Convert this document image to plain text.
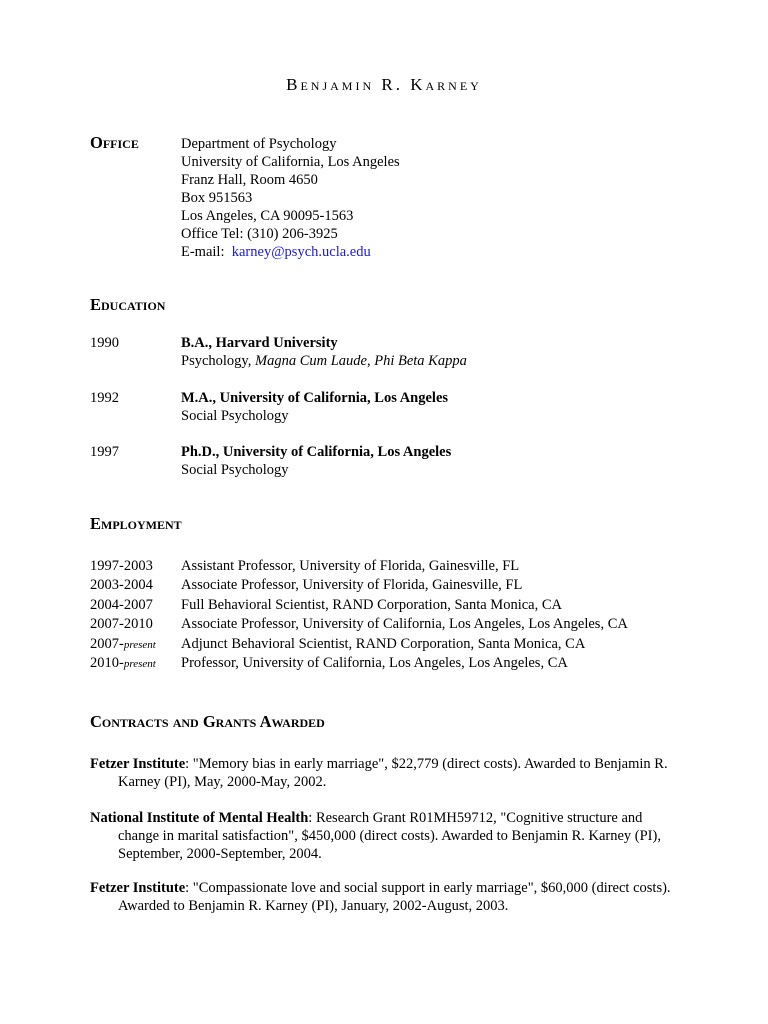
Benjamin R. Karney
Office	Department of Psychology
University of California, Los Angeles
Franz Hall, Room 4650
Box 951563
Los Angeles, CA 90095-1563
Office Tel: (310) 206-3925
E-mail: karney@psych.ucla.edu
Education
1990	B.A., Harvard University
Psychology, Magna Cum Laude, Phi Beta Kappa
1992	M.A., University of California, Los Angeles
Social Psychology
1997	Ph.D., University of California, Los Angeles
Social Psychology
Employment
1997-2003 Assistant Professor, University of Florida, Gainesville, FL
2003-2004 Associate Professor, University of Florida, Gainesville, FL
2004-2007 Full Behavioral Scientist, RAND Corporation, Santa Monica, CA
2007-2010 Associate Professor, University of California, Los Angeles, Los Angeles, CA
2007-present Adjunct Behavioral Scientist, RAND Corporation, Santa Monica, CA
2010-present Professor, University of California, Los Angeles, Los Angeles, CA
Contracts and Grants Awarded
Fetzer Institute: "Memory bias in early marriage", $22,779 (direct costs). Awarded to Benjamin R. Karney (PI), May, 2000-May, 2002.
National Institute of Mental Health: Research Grant R01MH59712, "Cognitive structure and change in marital satisfaction", $450,000 (direct costs). Awarded to Benjamin R. Karney (PI), September, 2000-September, 2004.
Fetzer Institute: "Compassionate love and social support in early marriage", $60,000 (direct costs). Awarded to Benjamin R. Karney (PI), January, 2002-August, 2003.
